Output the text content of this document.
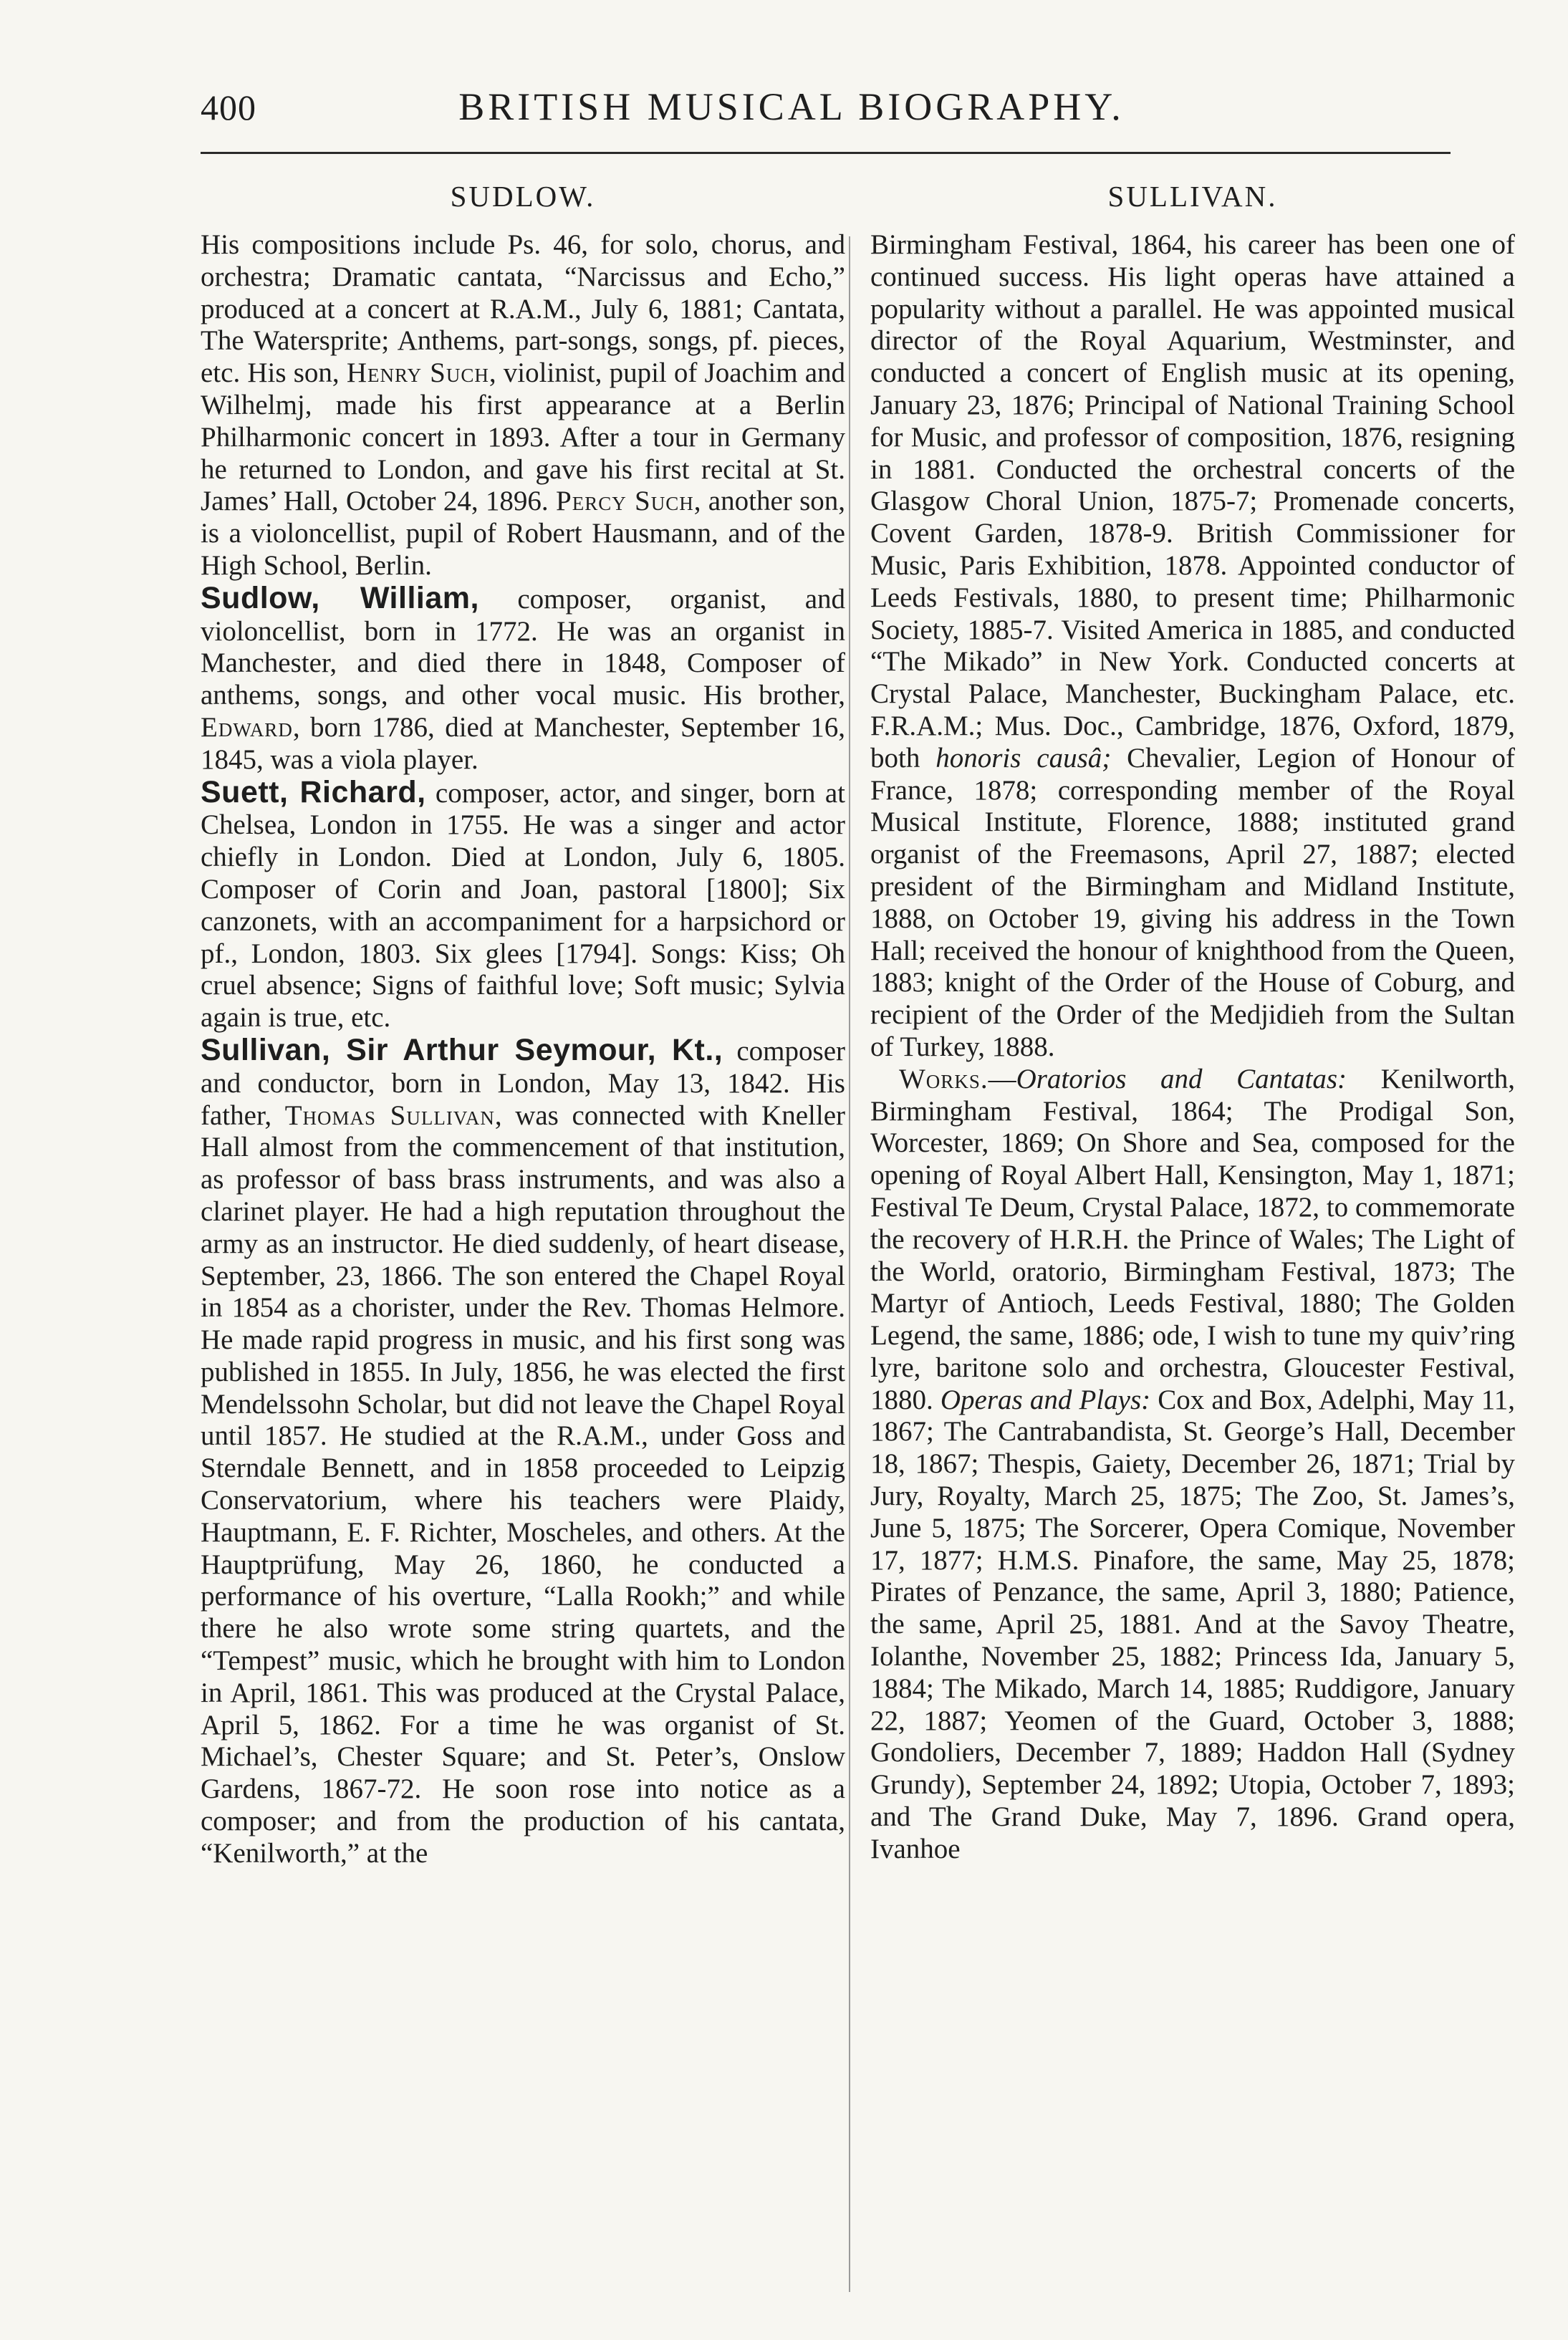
400	BRITISH MUSICAL BIOGRAPHY.
SUDLOW.

His compositions include Ps. 46, for solo, chorus, and orchestra; Dramatic cantata, “Narcissus and Echo,” produced at a concert at R.A.M., July 6, 1881; Cantata, The Watersprite; Anthems, part-songs, songs, pf. pieces, etc. His son, Henry Such, violinist, pupil of Joachim and Wilhelmj, made his first appearance at a Berlin Philharmonic concert in 1893. After a tour in Germany he returned to London, and gave his first recital at St. James’ Hall, October 24, 1896. Percy Such, another son, is a violoncellist, pupil of Robert Hausmann, and of the High School, Berlin.

Sudlow, William, composer, organist, and violoncellist, born in 1772. He was an organist in Manchester, and died there in 1848, Composer of anthems, songs, and other vocal music. His brother, Edward, born 1786, died at Manchester, September 16, 1845, was a viola player.

Suett, Richard, composer, actor, and singer, born at Chelsea, London in 1755. He was a singer and actor chiefly in London. Died at London, July 6, 1805. Composer of Corin and Joan, pastoral [1800]; Six canzonets, with an accompaniment for a harpsichord or pf., London, 1803. Six glees [1794]. Songs: Kiss; Oh cruel absence; Signs of faithful love; Soft music; Sylvia again is true, etc.

Sullivan, Sir Arthur Seymour, Kt., composer and conductor, born in London, May 13, 1842. His father, Thomas Sullivan, was connected with Kneller Hall almost from the commencement of that institution, as professor of bass brass instruments, and was also a clarinet player. He had a high reputation throughout the army as an instructor. He died suddenly, of heart disease, September, 23, 1866. The son entered the Chapel Royal in 1854 as a chorister, under the Rev. Thomas Helmore. He made rapid progress in music, and his first song was published in 1855. In July, 1856, he was elected the first Mendelssohn Scholar, but did not leave the Chapel Royal until 1857. He studied at the R.A.M., under Goss and Sterndale Bennett, and in 1858 proceeded to Leipzig Conservatorium, where his teachers were Plaidy, Hauptmann, E. F. Richter, Moscheles, and others. At the Hauptprüfung, May 26, 1860, he conducted a performance of his overture, “Lalla Rookh;” and while there he also wrote some string quartets, and the “Tempest” music, which he brought with him to London in April, 1861. This was produced at the Crystal Palace, April 5, 1862. For a time he was organist of St. Michael’s, Chester Square; and St. Peter’s, Onslow Gardens, 1867-72. He soon rose into notice as a composer; and from the production of his cantata, “Kenilworth,” at the

SULLIVAN.

Birmingham Festival, 1864, his career has been one of continued success. His light operas have attained a popularity without a parallel. He was appointed musical director of the Royal Aquarium, Westminster, and conducted a concert of English music at its opening, January 23, 1876; Principal of National Training School for Music, and professor of composition, 1876, resigning in 1881. Conducted the orchestral concerts of the Glasgow Choral Union, 1875-7; Promenade concerts, Covent Garden, 1878-9. British Commissioner for Music, Paris Exhibition, 1878. Appointed conductor of Leeds Festivals, 1880, to present time; Philharmonic Society, 1885-7. Visited America in 1885, and conducted “The Mikado” in New York. Conducted concerts at Crystal Palace, Manchester, Buckingham Palace, etc. F.R.A.M.; Mus. Doc., Cambridge, 1876, Oxford, 1879, both honoris causâ; Chevalier, Legion of Honour of France, 1878; corresponding member of the Royal Musical Institute, Florence, 1888; instituted grand organist of the Freemasons, April 27, 1887; elected president of the Birmingham and Midland Institute, 1888, on October 19, giving his address in the Town Hall; received the honour of knighthood from the Queen, 1883; knight of the Order of the House of Coburg, and recipient of the Order of the Medjidieh from the Sultan of Turkey, 1888.

Works.—Oratorios and Cantatas: Kenilworth, Birmingham Festival, 1864; The Prodigal Son, Worcester, 1869; On Shore and Sea, composed for the opening of Royal Albert Hall, Kensington, May 1, 1871; Festival Te Deum, Crystal Palace, 1872, to commemorate the recovery of H.R.H. the Prince of Wales; The Light of the World, oratorio, Birmingham Festival, 1873; The Martyr of Antioch, Leeds Festival, 1880; The Golden Legend, the same, 1886; ode, I wish to tune my quiv’ring lyre, baritone solo and orchestra, Gloucester Festival, 1880. Operas and Plays: Cox and Box, Adelphi, May 11, 1867; The Cantrabandista, St. George’s Hall, December 18, 1867; Thespis, Gaiety, December 26, 1871; Trial by Jury, Royalty, March 25, 1875; The Zoo, St. James’s, June 5, 1875; The Sorcerer, Opera Comique, November 17, 1877; H.M.S. Pinafore, the same, May 25, 1878; Pirates of Penzance, the same, April 3, 1880; Patience, the same, April 25, 1881. And at the Savoy Theatre, Iolanthe, November 25, 1882; Princess Ida, January 5, 1884; The Mikado, March 14, 1885; Ruddigore, January 22, 1887; Yeomen of the Guard, October 3, 1888; Gondoliers, December 7, 1889; Haddon Hall (Sydney Grundy), September 24, 1892; Utopia, October 7, 1893; and The Grand Duke, May 7, 1896. Grand opera, Ivanhoe
